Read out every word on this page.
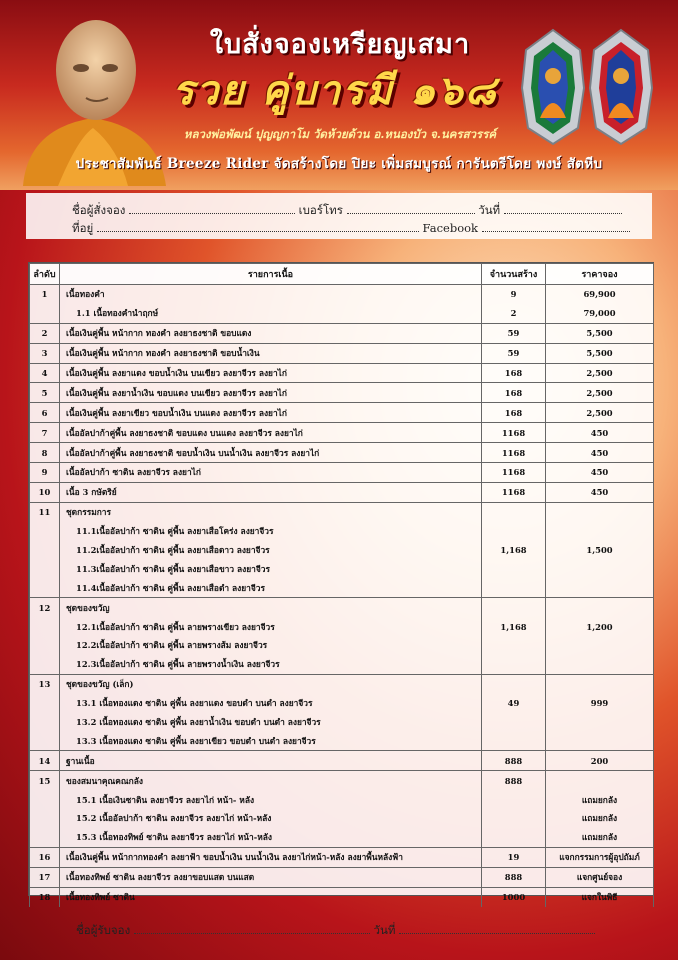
ใบสั่งจองเหรียญเสมา
รวย คู่บารมี ๑๖๘
หลวงพ่อพัฒน์ ปุญญกาโม วัดห้วยด้วน อ.หนองบัว จ.นครสวรรค์
ประชาสัมพันธ์ Breeze Rider จัดสร้างโดย ปิยะ เพิ่มสมบูรณ์ การันตรีโดย พงษ์ สัตหีบ
ชื่อผู้สั่งจอง	เบอร์โทร	วันที่
ที่อยู่	Facebook
ลำดับ	รายการเนื้อ	จำนวนสร้าง	ราคาจอง
1	เนื้อทองคำ	9	69,900
	1.1 เนื้อทองคำนำฤกษ์	2	79,000
2	เนื้อเงินคู่พื้น หน้ากาก ทองคำ ลงยาธงชาติ ขอบแดง	59	5,500
3	เนื้อเงินคู่พื้น หน้ากาก ทองคำ ลงยาธงชาติ ขอบน้ำเงิน	59	5,500
4	เนื้อเงินคู่พื้น ลงยาแดง ขอบน้ำเงิน บนเขียว ลงยาจีวร ลงยาไก่	168	2,500
5	เนื้อเงินคู่พื้น ลงยาน้ำเงิน ขอบแดง บนเขียว ลงยาจีวร ลงยาไก่	168	2,500
6	เนื้อเงินคู่พื้น ลงยาเขียว ขอบน้ำเงิน บนแดง ลงยาจีวร ลงยาไก่	168	2,500
7	เนื้ออัลปาก้าคู่พื้น ลงยาธงชาติ ขอบแดง บนแดง ลงยาจีวร ลงยาไก่	1168	450
8	เนื้ออัลปาก้าคู่พื้น ลงยาธงชาติ ขอบน้ำเงิน บนน้ำเงิน ลงยาจีวร ลงยาไก่	1168	450
9	เนื้ออัลปาก้า ซาติน ลงยาจีวร ลงยาไก่	1168	450
10	เนื้อ 3 กษัตริย์	1168	450
11	ชุดกรรมการ		
	11.1เนื้ออัลปาก้า ซาติน คู่พื้น ลงยาเสือโคร่ง ลงยาจีวร		
	11.2เนื้ออัลปาก้า ซาติน คู่พื้น ลงยาเสือดาว ลงยาจีวร	1,168	1,500
	11.3เนื้ออัลปาก้า ซาติน คู่พื้น ลงยาเสือขาว ลงยาจีวร		
	11.4เนื้ออัลปาก้า ซาติน คู่พื้น ลงยาเสือดำ ลงยาจีวร		
12	ชุดของขวัญ		
	12.1เนื้ออัลปาก้า ซาติน คู่พื้น ลายพรางเขียว ลงยาจีวร	1,168	1,200
	12.2เนื้ออัลปาก้า ซาติน คู่พื้น ลายพรางส้ม ลงยาจีวร		
	12.3เนื้ออัลปาก้า ซาติน คู่พื้น ลายพรางน้ำเงิน ลงยาจีวร		
13	ชุดของขวัญ (เล็ก)		
	13.1 เนื้อทองแดง ซาติน คู่พื้น ลงยาแดง ขอบดำ บนดำ ลงยาจีวร	49	999
	13.2 เนื้อทองแดง ซาติน คู่พื้น ลงยาน้ำเงิน ขอบดำ บนดำ ลงยาจีวร		
	13.3 เนื้อทองแดง ซาติน คู่พื้น ลงยาเขียว ขอบดำ บนดำ ลงยาจีวร		
14	ฐานเนื้อ	888	200
15	ของสมนาคุณคณกลัง	888	
	15.1 เนื้อเงินซาติน ลงยาจีวร ลงยาไก่ หน้า- หลัง		แถมยกลัง
	15.2 เนื้ออัลปาก้า ซาติน ลงยาจีวร ลงยาไก่ หน้า-หลัง		แถมยกลัง
	15.3 เนื้อทองทิพย์ ซาติน ลงยาจีวร ลงยาไก่ หน้า-หลัง		แถมยกลัง
16	เนื้อเงินคู่พื้น หน้ากากทองคำ ลงยาฟ้า ขอบน้ำเงิน บนน้ำเงิน ลงยาไก่หน้า-หลัง ลงยาพื้นหลังฟ้า	19	แจกกรรมการผู้อุปถัมภ์
17	เนื้อทองทิพย์ ซาติน ลงยาจีวร ลงยาขอบแสด บนแสด	888	แจกศูนย์จอง
18	เนื้อทองทิพย์ ซาติน	1000	แจกในพิธี
ชื่อผู้รับจอง	วันที่
